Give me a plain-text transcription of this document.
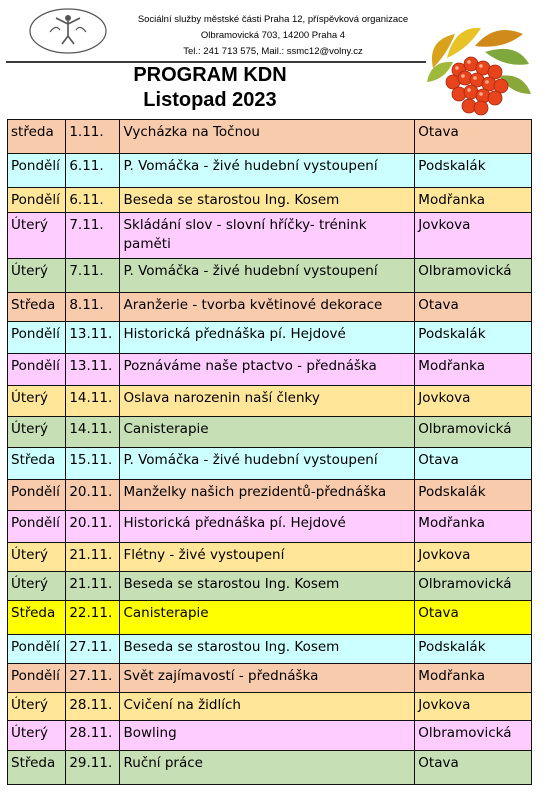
Sociální služby městské části Praha 12, příspěvková organizace
Olbramovická 703, 14200 Praha 4
Tel.: 241 713 575, Mail.: ssmc12@volny.cz
PROGRAM KDN
Listopad 2023
středa	1.11.	Vycházka na Točnou	Otava
Pondělí	6.11.	P. Vomáčka - živé hudební vystoupení	Podskalák
Pondělí	6.11.	Beseda se starostou Ing. Kosem	Modřanka
Úterý	7.11.	Skládání slov - slovní hříčky- trénink paměti	Jovkova
Úterý	7.11.	P. Vomáčka - živé hudební vystoupení	Olbramovická
Středa	8.11.	Aranžerie - tvorba květinové dekorace	Otava
Pondělí	13.11.	Historická přednáška pí. Hejdové	Podskalák
Pondělí	13.11.	Poznáváme naše ptactvo - přednáška	Modřanka
Úterý	14.11.	Oslava narozenin naší členky	Jovkova
Úterý	14.11.	Canisterapie	Olbramovická
Středa	15.11.	P. Vomáčka - živé hudební vystoupení	Otava
Pondělí	20.11.	Manželky našich prezidentů-přednáška	Podskalák
Pondělí	20.11.	Historická přednáška pí. Hejdové	Modřanka
Úterý	21.11.	Flétny - živé vystoupení	Jovkova
Úterý	21.11.	Beseda se starostou Ing. Kosem	Olbramovická
Středa	22.11.	Canisterapie	Otava
Pondělí	27.11.	Beseda se starostou Ing. Kosem	Podskalák
Pondělí	27.11.	Svět zajímavostí - přednáška	Modřanka
Úterý	28.11.	Cvičení na židlích	Jovkova
Úterý	28.11.	Bowling	Olbramovická
Středa	29.11.	Ruční práce	Otava
